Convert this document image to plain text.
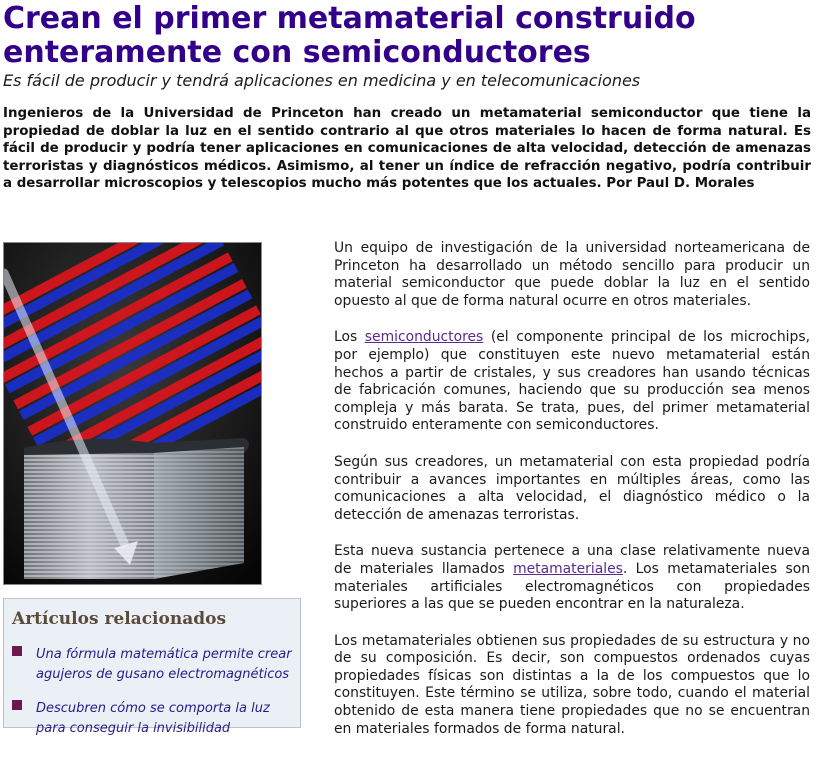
Crean el primer metamaterial construido enteramente con semiconductores

Es fácil de producir y tendrá aplicaciones en medicina y en telecomunicaciones

Ingenieros de la Universidad de Princeton han creado un metamaterial semiconductor que tiene la propiedad de doblar la luz en el sentido contrario al que otros materiales lo hacen de forma natural. Es fácil de producir y podría tener aplicaciones en comunicaciones de alta velocidad, detección de amenazas terroristas y diagnósticos médicos. Asimismo, al tener un índice de refracción negativo, podría contribuir a desarrollar microscopios y telescopios mucho más potentes que los actuales. Por Paul D. Morales

Artículos relacionados
Una fórmula matemática permite crear agujeros de gusano electromagnéticos
Descubren cómo se comporta la luz para conseguir la invisibilidad

Un equipo de investigación de la universidad norteamericana de Princeton ha desarrollado un método sencillo para producir un material semiconductor que puede doblar la luz en el sentido opuesto al que de forma natural ocurre en otros materiales.

Los semiconductores (el componente principal de los microchips, por ejemplo) que constituyen este nuevo metamaterial están hechos a partir de cristales, y sus creadores han usando técnicas de fabricación comunes, haciendo que su producción sea menos compleja y más barata. Se trata, pues, del primer metamaterial construido enteramente con semiconductores.

Según sus creadores, un metamaterial con esta propiedad podría contribuir a avances importantes en múltiples áreas, como las comunicaciones a alta velocidad, el diagnóstico médico o la detección de amenazas terroristas.

Esta nueva sustancia pertenece a una clase relativamente nueva de materiales llamados metamateriales. Los metamateriales son materiales artificiales electromagnéticos con propiedades superiores a las que se pueden encontrar en la naturaleza.

Los metamateriales obtienen sus propiedades de su estructura y no de su composición. Es decir, son compuestos ordenados cuyas propiedades físicas son distintas a la de los compuestos que lo constituyen. Este término se utiliza, sobre todo, cuando el material obtenido de esta manera tiene propiedades que no se encuentran en materiales formados de forma natural.
